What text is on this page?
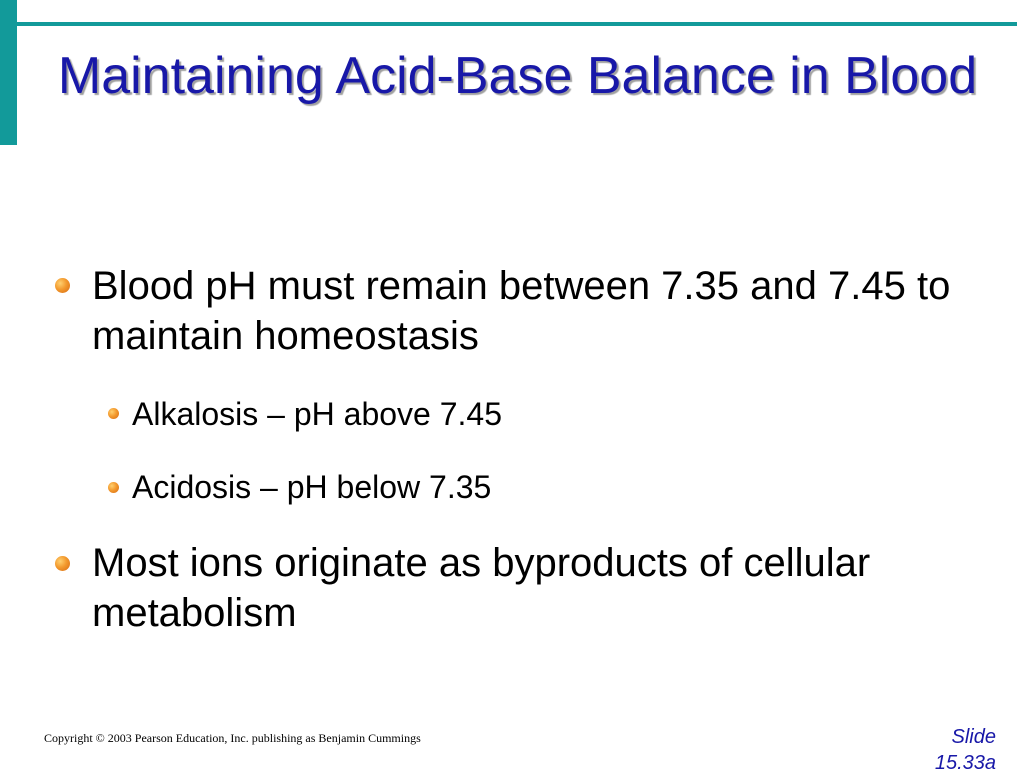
Maintaining Acid-Base Balance in Blood
Blood pH must remain between 7.35 and 7.45 to maintain homeostasis
Alkalosis – pH above 7.45
Acidosis – pH below 7.35
Most ions originate as byproducts of cellular metabolism
Copyright © 2003 Pearson Education, Inc. publishing as Benjamin Cummings	Slide
15.33a
